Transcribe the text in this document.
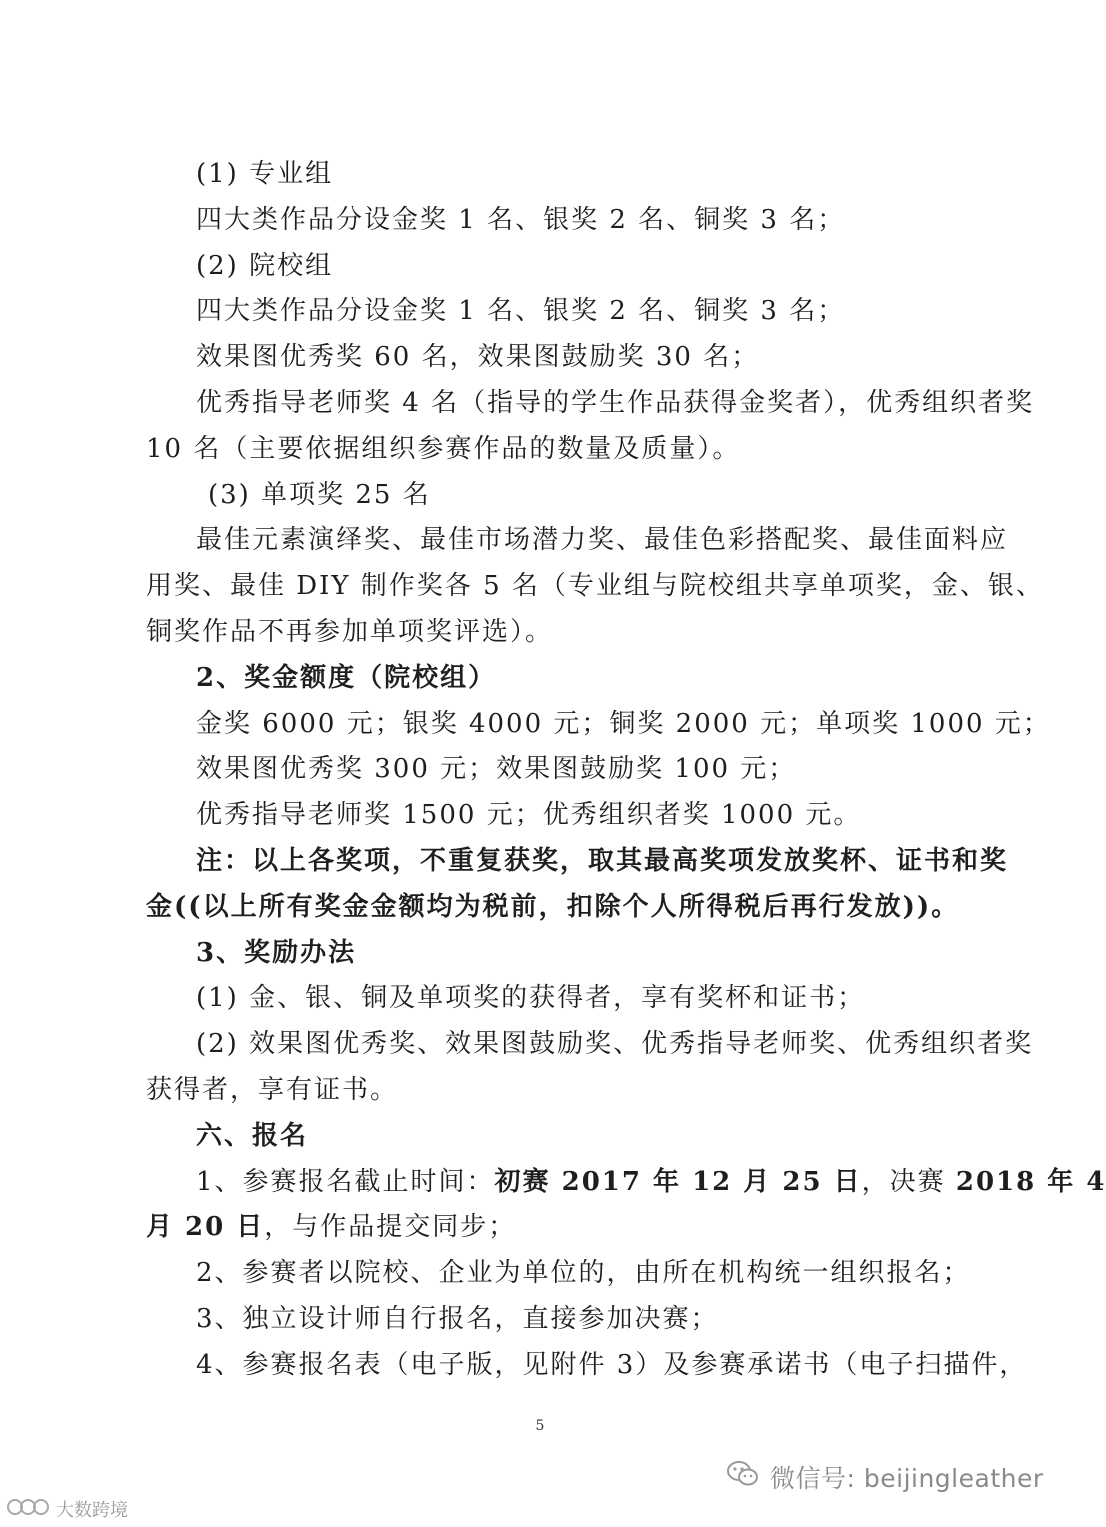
(1) 专业组
四大类作品分设金奖 1 名、银奖 2 名、铜奖 3 名；
(2) 院校组
四大类作品分设金奖 1 名、银奖 2 名、铜奖 3 名；
效果图优秀奖 60 名，效果图鼓励奖 30 名；
优秀指导老师奖 4 名（指导的学生作品获得金奖者），优秀组织者奖
10 名（主要依据组织参赛作品的数量及质量）。
(3) 单项奖 25 名
最佳元素演绎奖、最佳市场潜力奖、最佳色彩搭配奖、最佳面料应
用奖、最佳 DIY 制作奖各 5 名（专业组与院校组共享单项奖，金、银、
铜奖作品不再参加单项奖评选）。
2、奖金额度（院校组）
金奖 6000 元；银奖 4000 元；铜奖 2000 元；单项奖 1000 元；
效果图优秀奖 300 元；效果图鼓励奖 100 元；
优秀指导老师奖 1500 元；优秀组织者奖 1000 元。
注：以上各奖项，不重复获奖，取其最高奖项发放奖杯、证书和奖
金((以上所有奖金金额均为税前，扣除个人所得税后再行发放))。
3、奖励办法
(1) 金、银、铜及单项奖的获得者，享有奖杯和证书；
(2) 效果图优秀奖、效果图鼓励奖、优秀指导老师奖、优秀组织者奖
获得者，享有证书。
六、报名
1、参赛报名截止时间：初赛 2017 年 12 月 25 日，决赛 2018 年 4
月 20 日，与作品提交同步；
2、参赛者以院校、企业为单位的，由所在机构统一组织报名；
3、独立设计师自行报名，直接参加决赛；
4、参赛报名表（电子版，见附件 3）及参赛承诺书（电子扫描件，
5
微信号: beijingleather
大数跨境
